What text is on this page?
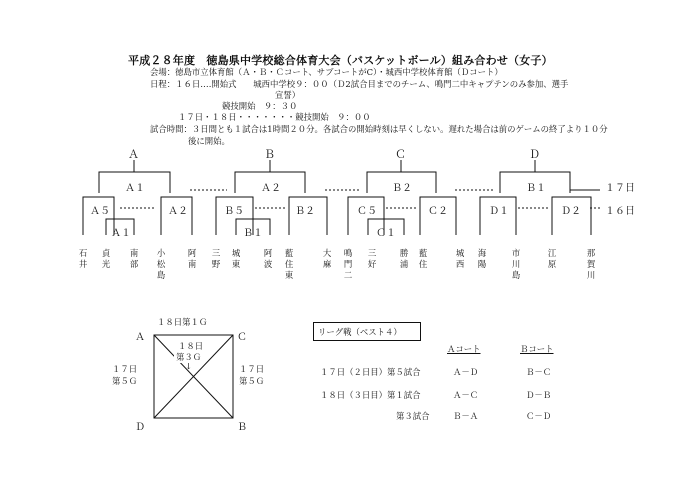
平成２８年度　徳島県中学校総合体育大会（バスケットボール）組み合わせ（女子）
会場：徳島市立体育館（Ａ・Ｂ・Ｃコート、サブコートがC）・城西中学校体育館（Ｄコート）
日程：１６日‥‥開始式　　城西中学校９：００（Ｄ2試合目までのチーム、鳴門二中キャプテンのみ参加、選手
宣誓）
競技開始　９：３０
１７日・１８日・・・・・・・競技開始　９：００
試合時間：３日間とも１試合は1時間２０分。各試合の開始時刻は早くしない。遅れた場合は前のゲームの終了より１０分
後に開始。
Ａ	Ｂ	Ｃ	Ｄ
Ａ１	Ａ２	Ｂ２	Ｂ１	１７日
Ａ５	Ａ２	Ｂ５	Ｂ２	Ｃ５	Ｃ２	Ｄ１	Ｄ２ １６日
Ａ１	Ｂ１	Ｃ１
石井
貞光
南部
小松島
阿南
三野
城東
阿波
藍住東
大麻
鳴門二
三好
勝浦
藍住
城西
海陽
市川島
江原
那賀川
１８日第１Ｇ
Ａ	Ｃ
Ｄ	Ｂ
１８日
第３Ｇ
↓
１７日
第５Ｇ
１７日
第５Ｇ
リーグ戦（ベスト４）
Ａコート	Ｂコート
１７日（２日目）第５試合	Ａ－Ｄ	Ｂ－Ｃ
１８日（３日目）第１試合	Ａ－Ｃ	Ｄ－Ｂ
第３試合	Ｂ－Ａ	Ｃ－Ｄ
